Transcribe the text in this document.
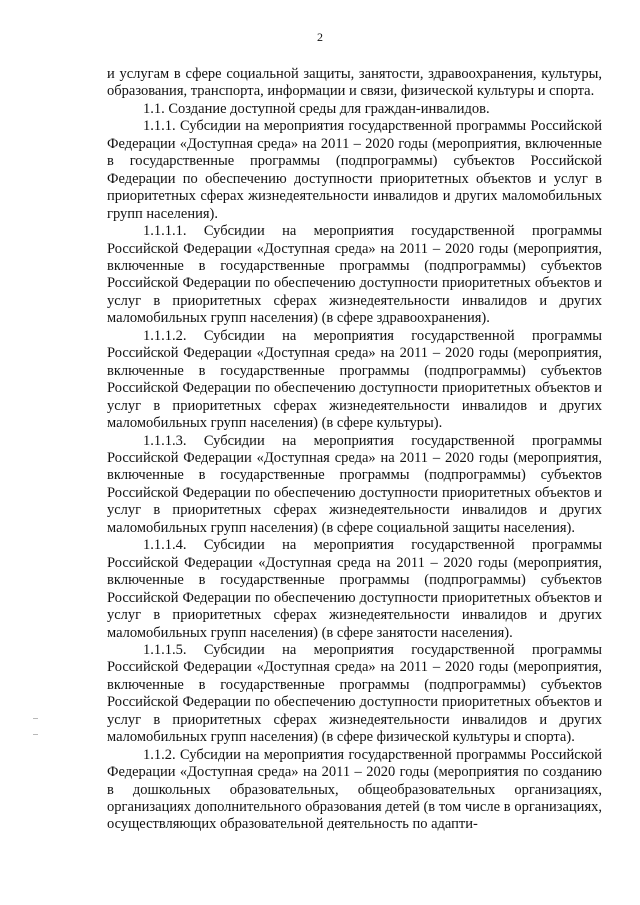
2

и услугам в сфере социальной защиты, занятости, здравоохранения, культуры, образования, транспорта, информации и связи, физической культуры и спорта.

1.1. Создание доступной среды для граждан-инвалидов.

1.1.1. Субсидии на мероприятия государственной программы Российской Федерации «Доступная среда» на 2011 – 2020 годы (мероприятия, включенные в государственные программы (подпрограммы) субъектов Российской Федерации по обеспечению доступности приоритетных объектов и услуг в приоритетных сферах жизнедеятельности инвалидов и других маломобильных групп населения).

1.1.1.1. Субсидии на мероприятия государственной программы Российской Федерации «Доступная среда» на 2011 – 2020 годы (мероприятия, включенные в государственные программы (подпрограммы) субъектов Российской Федерации по обеспечению доступности приоритетных объектов и услуг в приоритетных сферах жизнедеятельности инвалидов и других маломобильных групп населения) (в сфере здравоохранения).

1.1.1.2. Субсидии на мероприятия государственной программы Российской Федерации «Доступная среда» на 2011 – 2020 годы (мероприятия, включенные в государственные программы (подпрограммы) субъектов Российской Федерации по обеспечению доступности приоритетных объектов и услуг в приоритетных сферах жизнедеятельности инвалидов и других маломобильных групп населения) (в сфере культуры).

1.1.1.3. Субсидии на мероприятия государственной программы Российской Федерации «Доступная среда» на 2011 – 2020 годы (мероприятия, включенные в государственные программы (подпрограммы) субъектов Российской Федерации по обеспечению доступности приоритетных объектов и услуг в приоритетных сферах жизнедеятельности инвалидов и других маломобильных групп населения) (в сфере социальной защиты населения).

1.1.1.4. Субсидии на мероприятия государственной программы Российской Федерации «Доступная среда на 2011 – 2020 годы (мероприятия, включенные в государственные программы (подпрограммы) субъектов Российской Федерации по обеспечению доступности приоритетных объектов и услуг в приоритетных сферах жизнедеятельности инвалидов и других маломобильных групп населения) (в сфере занятости населения).

1.1.1.5. Субсидии на мероприятия государственной программы Российской Федерации «Доступная среда» на 2011 – 2020 годы (мероприятия, включенные в государственные программы (подпрограммы) субъектов Российской Федерации по обеспечению доступности приоритетных объектов и услуг в приоритетных сферах жизнедеятельности инвалидов и других маломобильных групп населения) (в сфере физической культуры и спорта).

1.1.2. Субсидии на мероприятия государственной программы Российской Федерации «Доступная среда» на 2011 – 2020 годы (мероприятия по созданию в дошкольных образовательных, общеобразовательных организациях, организациях дополнительного образования детей (в том числе в организациях, осуществляющих образовательной деятельность по адапти-
